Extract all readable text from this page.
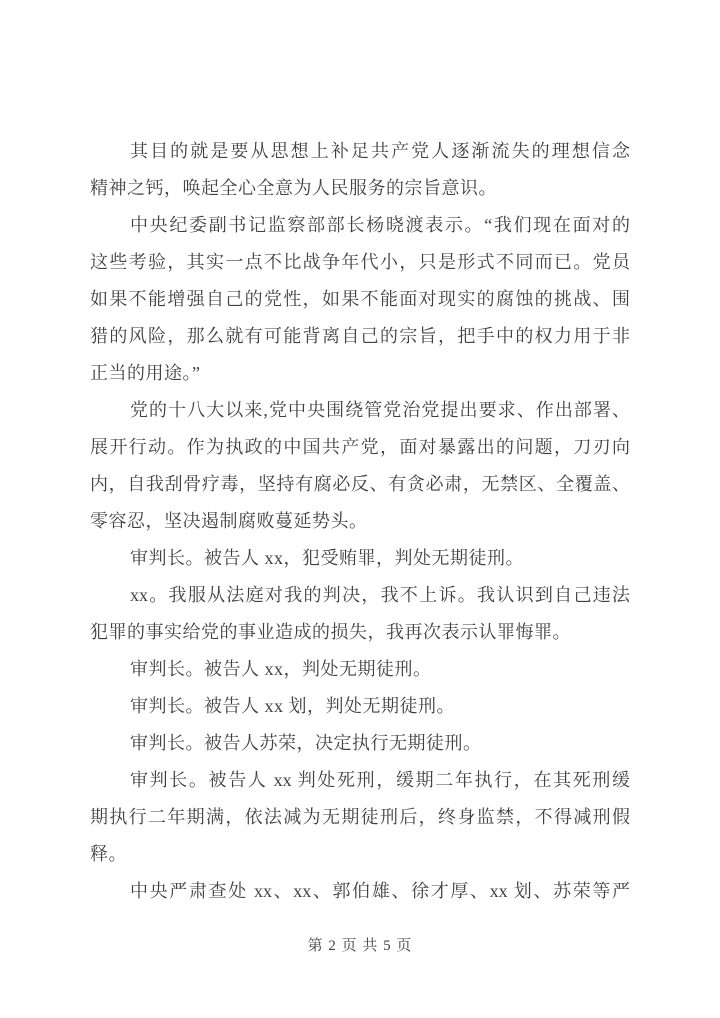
其目的就是要从思想上补足共产党人逐渐流失的理想信念
精神之钙，唤起全心全意为人民服务的宗旨意识。
中央纪委副书记监察部部长杨晓渡表示。“我们现在面对的
这些考验，其实一点不比战争年代小，只是形式不同而已。党员
如果不能增强自己的党性，如果不能面对现实的腐蚀的挑战、围
猎的风险，那么就有可能背离自己的宗旨，把手中的权力用于非
正当的用途。”
党的十八大以来,党中央围绕管党治党提出要求、作出部署、
展开行动。作为执政的中国共产党，面对暴露出的问题，刀刃向
内，自我刮骨疗毒，坚持有腐必反、有贪必肃，无禁区、全覆盖、
零容忍，坚决遏制腐败蔓延势头。
审判长。被告人 xx，犯受贿罪，判处无期徒刑。
xx。我服从法庭对我的判决，我不上诉。我认识到自己违法
犯罪的事实给党的事业造成的损失，我再次表示认罪悔罪。
审判长。被告人 xx，判处无期徒刑。
审判长。被告人 xx 划，判处无期徒刑。
审判长。被告人苏荣，决定执行无期徒刑。
审判长。被告人 xx 判处死刑，缓期二年执行，在其死刑缓
期执行二年期满，依法减为无期徒刑后，终身监禁，不得减刑假
释。
中央严肃查处 xx、xx、郭伯雄、徐才厚、xx 划、苏荣等严
第 2 页 共 5 页
